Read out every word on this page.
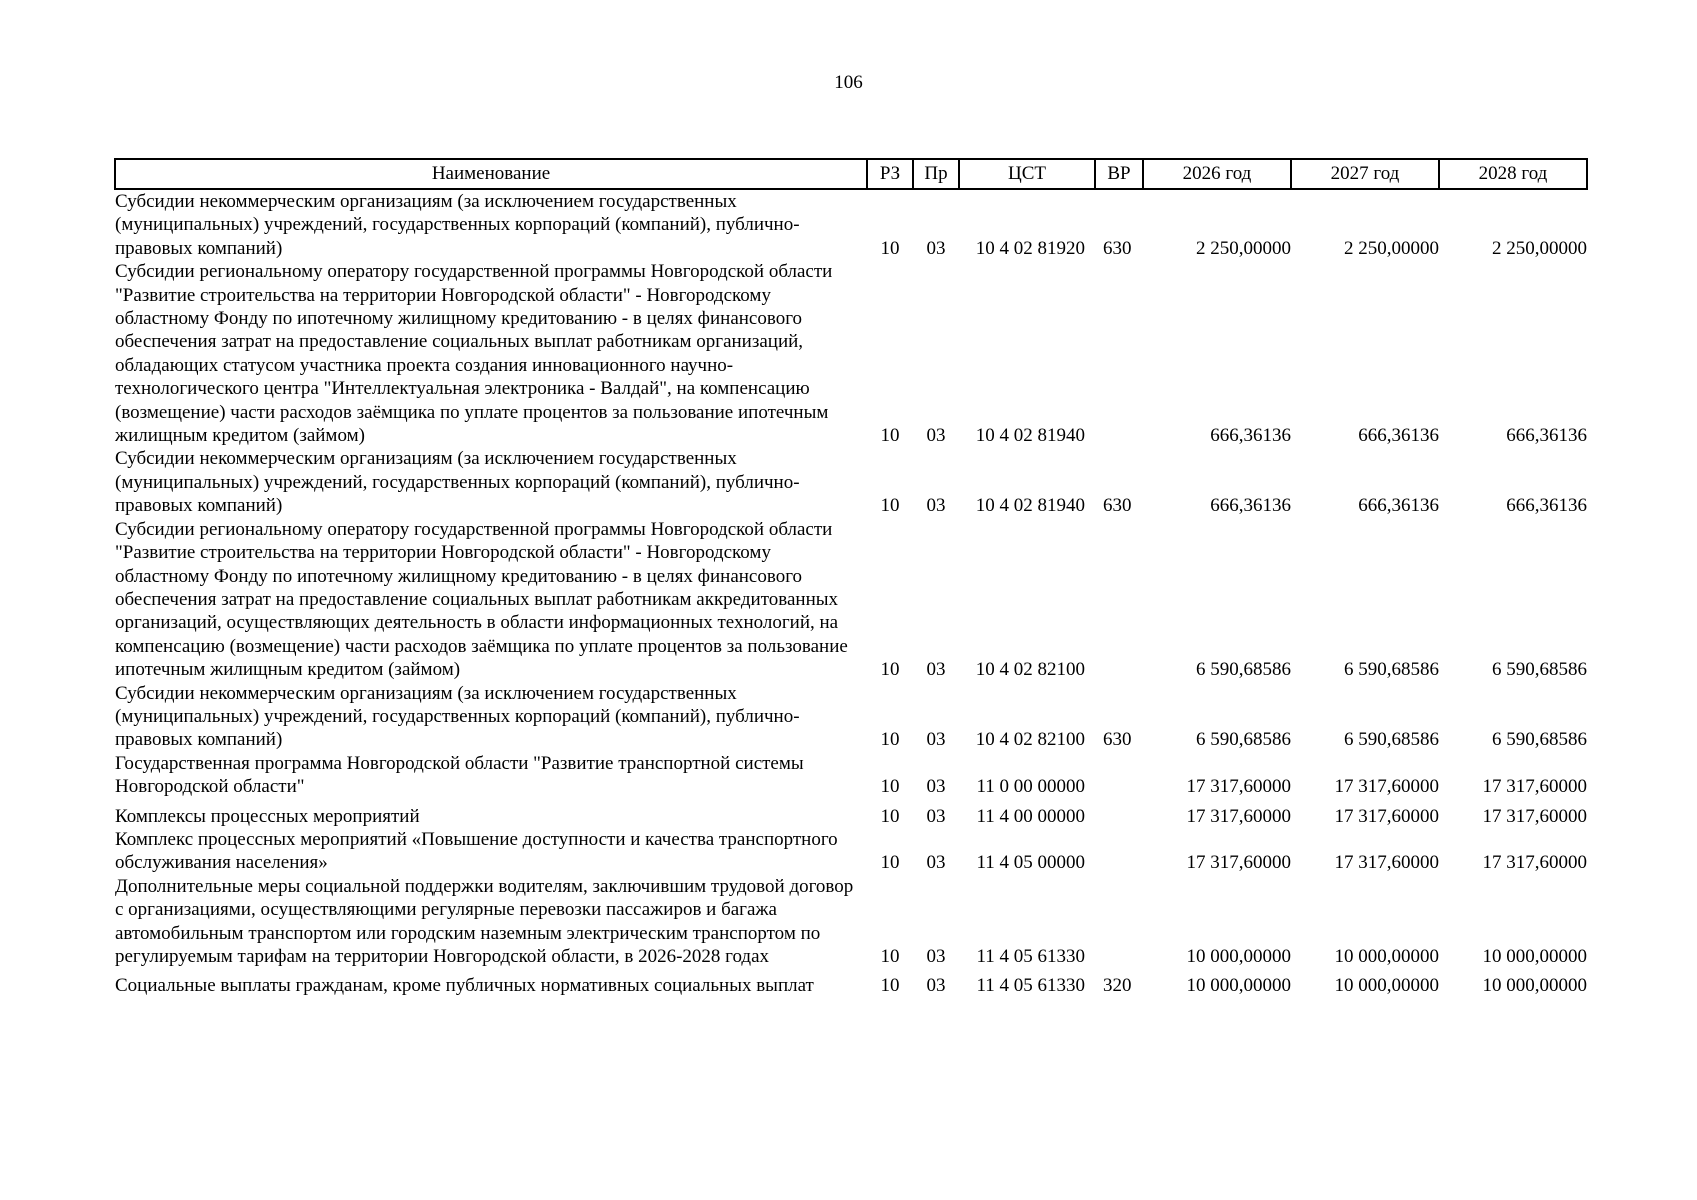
106
Наименование	РЗ	Пр	ЦСТ	ВР	2026 год	2027 год	2028 год
Субсидии некоммерческим организациям (за исключением государственных (муниципальных) учреждений, государственных корпораций (компаний), публично-правовых компаний)	10	03	10 4 02 81920	630	2 250,00000	2 250,00000	2 250,00000
Субсидии региональному оператору государственной программы Новгородской области "Развитие строительства на территории Новгородской области" - Новгородскому областному Фонду по ипотечному жилищному кредитованию - в целях финансового обеспечения затрат на предоставление социальных выплат работникам организаций, обладающих статусом участника проекта создания инновационного научно-технологического центра "Интеллектуальная электроника - Валдай", на компенсацию (возмещение) части расходов заёмщика по уплате процентов за пользование ипотечным жилищным кредитом (займом)	10	03	10 4 02 81940		666,36136	666,36136	666,36136
Субсидии некоммерческим организациям (за исключением государственных (муниципальных) учреждений, государственных корпораций (компаний), публично-правовых компаний)	10	03	10 4 02 81940	630	666,36136	666,36136	666,36136
Субсидии региональному оператору государственной программы Новгородской области "Развитие строительства на территории Новгородской области" - Новгородскому областному Фонду по ипотечному жилищному кредитованию - в целях финансового обеспечения затрат на предоставление социальных выплат работникам аккредитованных организаций, осуществляющих деятельность в области информационных технологий, на компенсацию (возмещение) части расходов заёмщика по уплате процентов за пользование ипотечным жилищным кредитом (займом)	10	03	10 4 02 82100		6 590,68586	6 590,68586	6 590,68586
Субсидии некоммерческим организациям (за исключением государственных (муниципальных) учреждений, государственных корпораций (компаний), публично-правовых компаний)	10	03	10 4 02 82100	630	6 590,68586	6 590,68586	6 590,68586
Государственная программа Новгородской области "Развитие транспортной системы Новгородской области"	10	03	11 0 00 00000		17 317,60000	17 317,60000	17 317,60000
Комплексы процессных мероприятий	10	03	11 4 00 00000		17 317,60000	17 317,60000	17 317,60000
Комплекс процессных мероприятий «Повышение доступности и качества транспортного обслуживания населения»	10	03	11 4 05 00000		17 317,60000	17 317,60000	17 317,60000
Дополнительные меры социальной поддержки водителям, заключившим трудовой договор с организациями, осуществляющими регулярные перевозки пассажиров и багажа автомобильным транспортом или городским наземным электрическим транспортом по регулируемым тарифам на территории Новгородской области, в 2026-2028 годах	10	03	11 4 05 61330		10 000,00000	10 000,00000	10 000,00000
Социальные выплаты гражданам, кроме публичных нормативных социальных выплат	10	03	11 4 05 61330	320	10 000,00000	10 000,00000	10 000,00000
